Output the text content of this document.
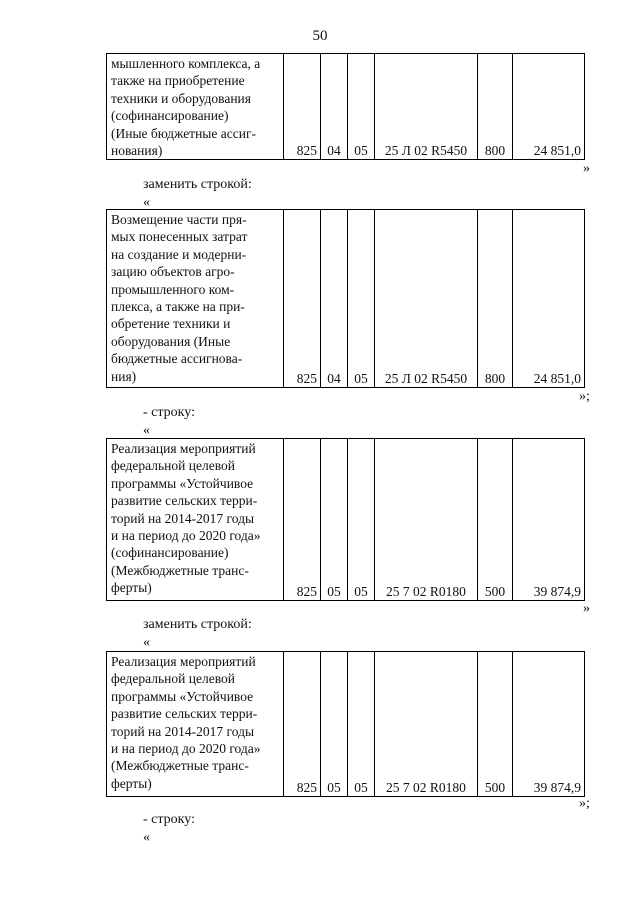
50
мышленного комплекса, а
также на приобретение
техники и оборудования
(софинансирование)
(Иные бюджетные ассиг-
нования)	825	04	05	25 Л 02 R5450	800	24 851,0
»
заменить строкой:
«
Возмещение части пря-
мых понесенных затрат
на создание и модерни-
зацию объектов агро-
промышленного ком-
плекса, а также на при-
обретение техники и
оборудования (Иные
бюджетные ассигнова-
ния)	825	04	05	25 Л 02 R5450	800	24 851,0
»;
- строку:
«
Реализация мероприятий
федеральной целевой
программы «Устойчивое
развитие сельских терри-
торий на 2014-2017 годы
и на период до 2020 года»
(софинансирование)
(Межбюджетные транс-
ферты)	825	05	05	25 7 02 R0180	500	39 874,9
»
заменить строкой:
«
Реализация мероприятий
федеральной целевой
программы «Устойчивое
развитие сельских терри-
торий на 2014-2017 годы
и на период до 2020 года»
(Межбюджетные транс-
ферты)	825	05	05	25 7 02 R0180	500	39 874,9
»;
- строку:
«
